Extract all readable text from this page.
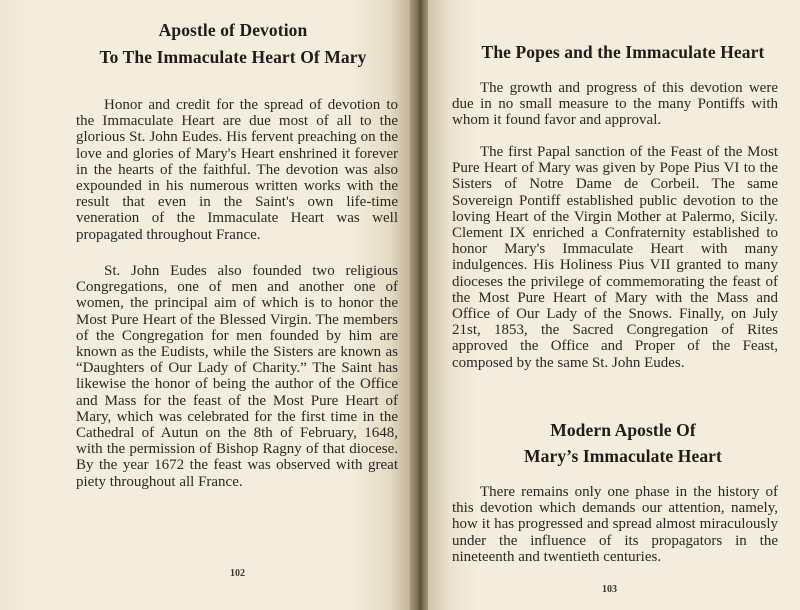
Apostle of Devotion
To The Immaculate Heart Of Mary

Honor and credit for the spread of devotion to the Immaculate Heart are due most of all to the glorious St. John Eudes. His fervent preaching on the love and glories of Mary's Heart enshrined it forever in the hearts of the faithful. The devotion was also expounded in his numerous written works with the result that even in the Saint's own life-time veneration of the Immaculate Heart was well propagated throughout France.

St. John Eudes also founded two religious Congregations, one of men and another one of women, the principal aim of which is to honor the Most Pure Heart of the Blessed Virgin. The members of the Congregation for men founded by him are known as the Eudists, while the Sisters are known as “Daughters of Our Lady of Charity.” The Saint has likewise the honor of being the author of the Office and Mass for the feast of the Most Pure Heart of Mary, which was celebrated for the first time in the Cathedral of Autun on the 8th of February, 1648, with the permission of Bishop Ragny of that diocese. By the year 1672 the feast was observed with great piety throughout all France.

102
The Popes and the Immaculate Heart

The growth and progress of this devotion were due in no small measure to the many Pontiffs with whom it found favor and approval.

The first Papal sanction of the Feast of the Most Pure Heart of Mary was given by Pope Pius VI to the Sisters of Notre Dame de Corbeil. The same Sovereign Pontiff established public devotion to the loving Heart of the Virgin Mother at Palermo, Sicily. Clement IX enriched a Confraternity established to honor Mary's Immaculate Heart with many indulgences. His Holiness Pius VII granted to many dioceses the privilege of commemorating the feast of the Most Pure Heart of Mary with the Mass and Office of Our Lady of the Snows. Finally, on July 21st, 1853, the Sacred Congregation of Rites approved the Office and Proper of the Feast, composed by the same St. John Eudes.

Modern Apostle Of
Mary’s Immaculate Heart

There remains only one phase in the history of this devotion which demands our attention, namely, how it has progressed and spread almost miraculously under the influence of its propagators in the nineteenth and twentieth centuries.

103
